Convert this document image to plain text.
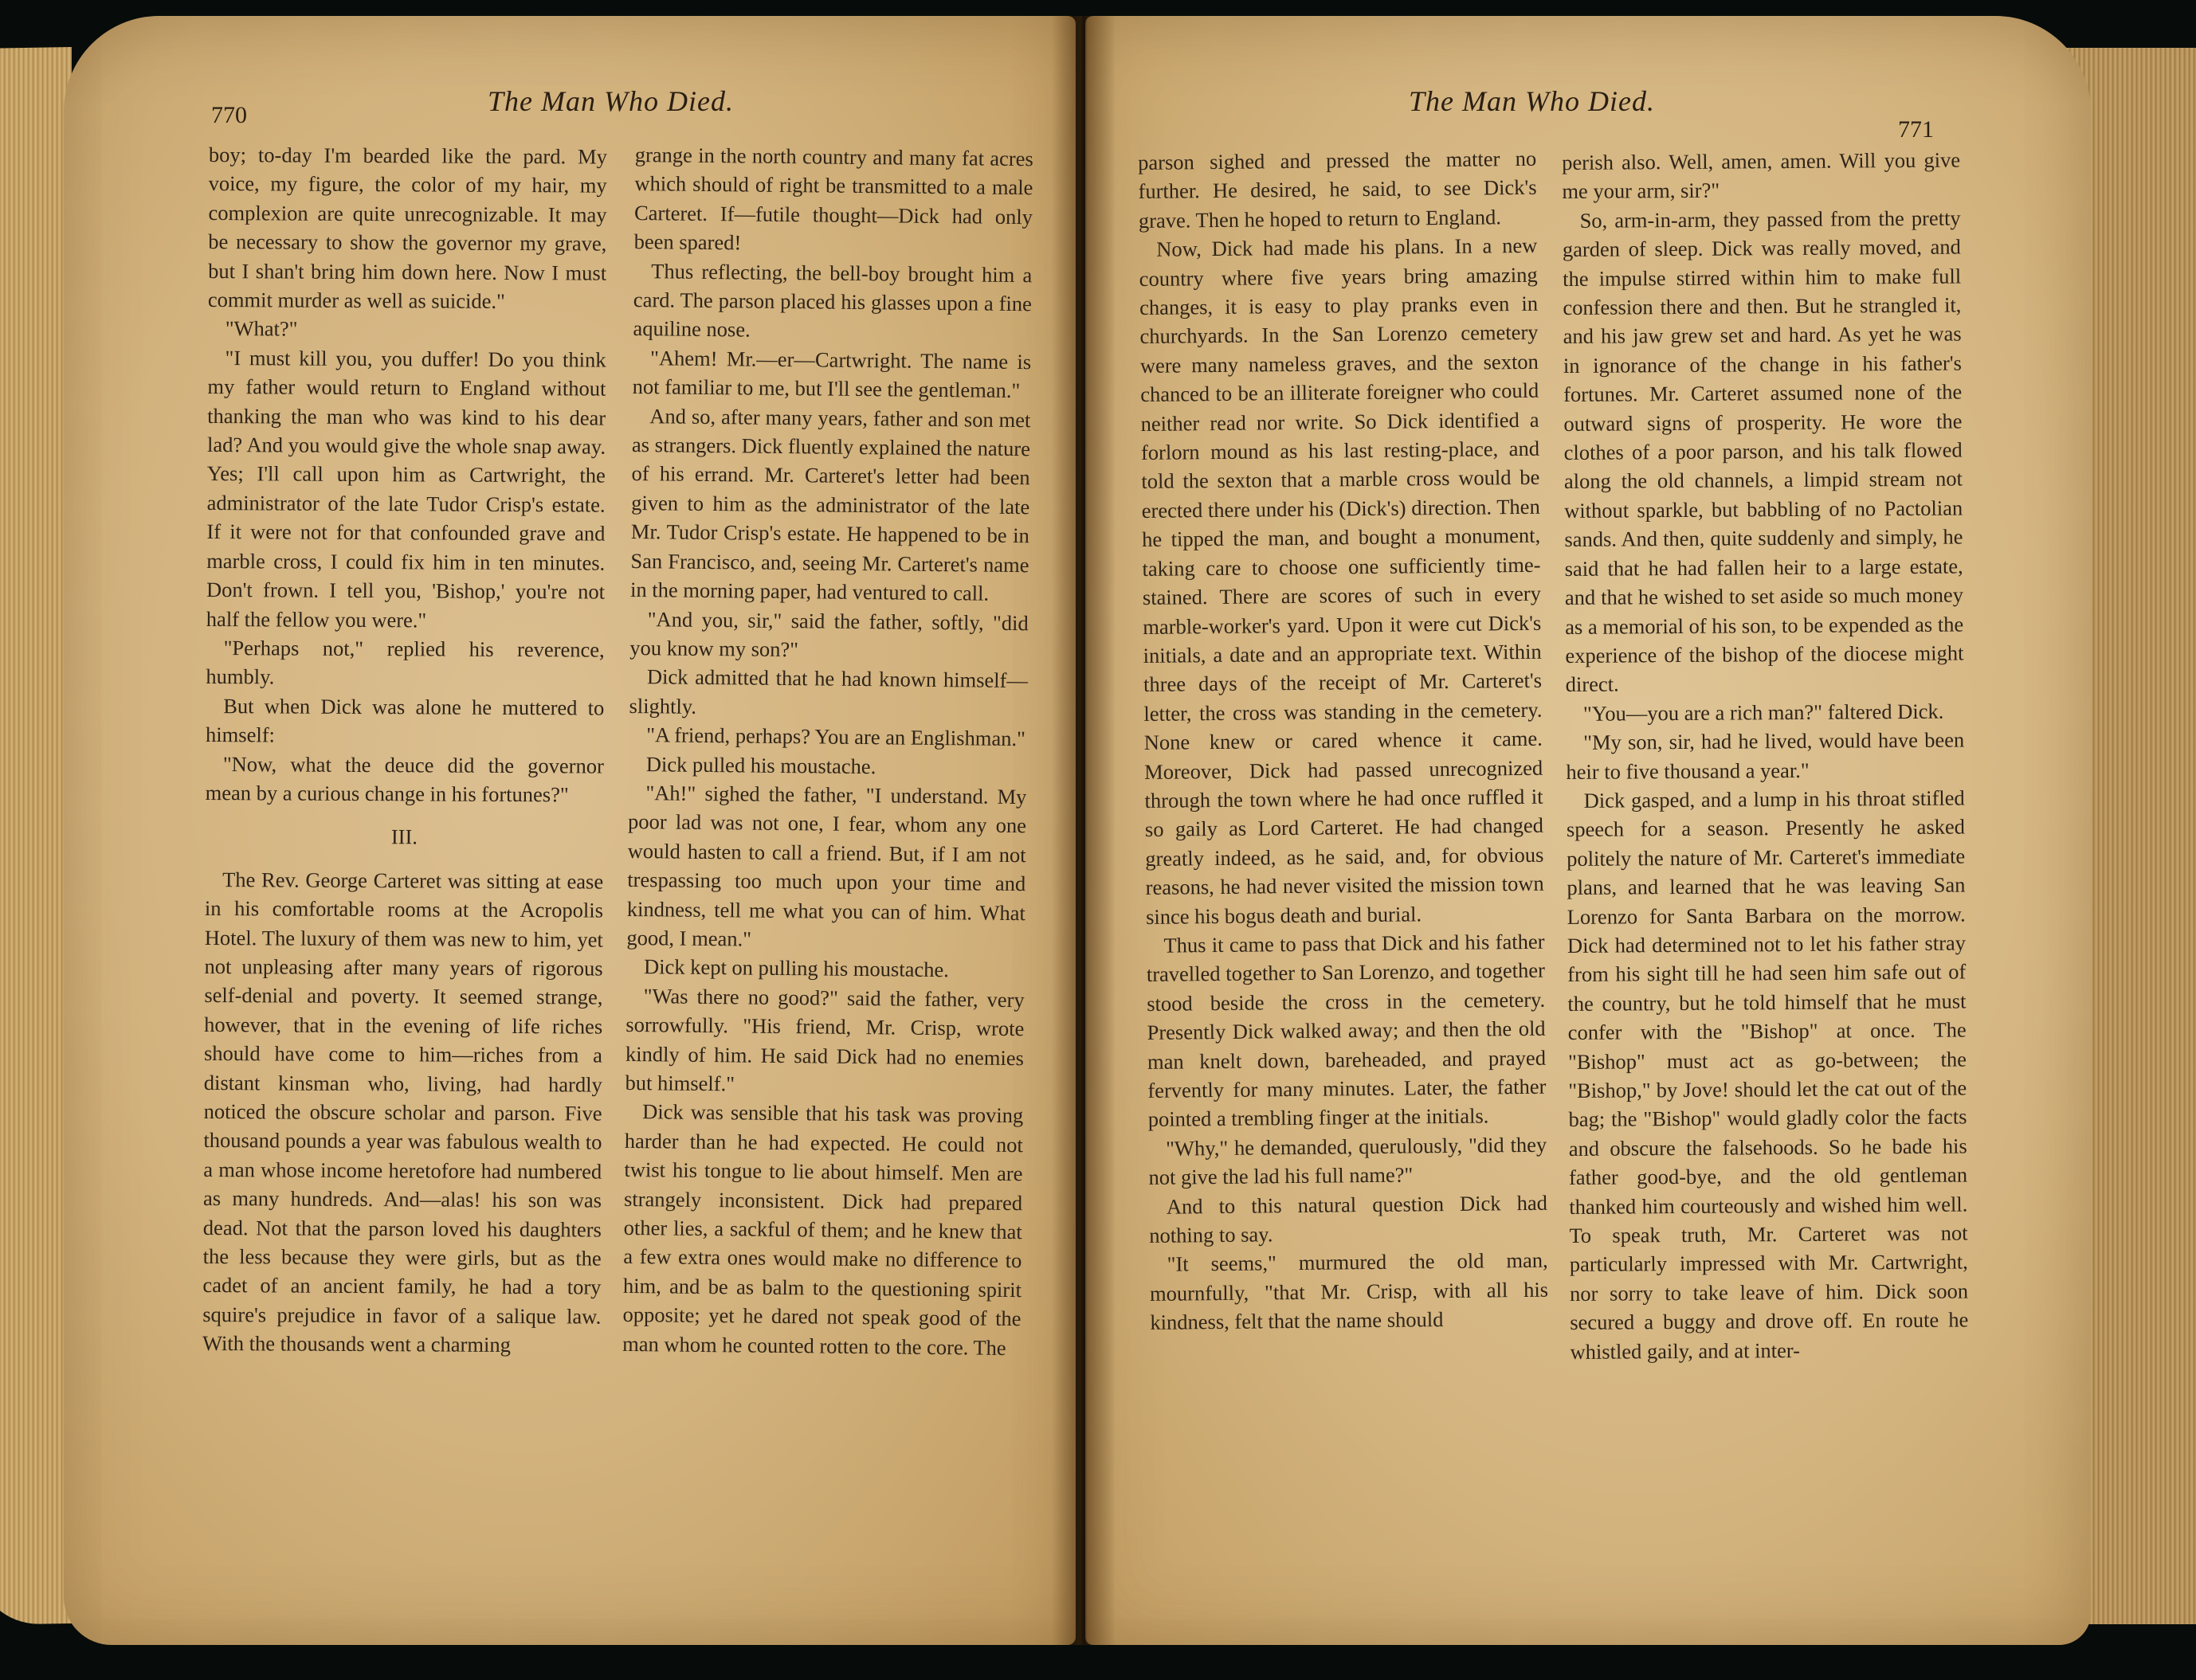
770	The Man Who Died.

boy; to-day I'm bearded like the pard. My voice, my figure, the color of my hair, my complexion are quite unrecognizable. It may be necessary to show the governor my grave, but I shan't bring him down here. Now I must commit murder as well as suicide."

"What?"

"I must kill you, you duffer! Do you think my father would return to England without thanking the man who was kind to his dear lad? And you would give the whole snap away. Yes; I'll call upon him as Cartwright, the administrator of the late Tudor Crisp's estate. If it were not for that confounded grave and marble cross, I could fix him in ten minutes. Don't frown. I tell you, 'Bishop,' you're not half the fellow you were."

"Perhaps not," replied his reverence, humbly.

But when Dick was alone he muttered to himself:

"Now, what the deuce did the governor mean by a curious change in his fortunes?"

III.

The Rev. George Carteret was sitting at ease in his comfortable rooms at the Acropolis Hotel. The luxury of them was new to him, yet not unpleasing after many years of rigorous self-denial and poverty. It seemed strange, however, that in the evening of life riches should have come to him—riches from a distant kinsman who, living, had hardly noticed the obscure scholar and parson. Five thousand pounds a year was fabulous wealth to a man whose income heretofore had numbered as many hundreds. And—alas! his son was dead. Not that the parson loved his daughters the less because they were girls, but as the cadet of an ancient family, he had a tory squire's prejudice in favor of a salique law. With the thousands went a charming

grange in the north country and many fat acres which should of right be transmitted to a male Carteret. If—futile thought—Dick had only been spared!

Thus reflecting, the bell-boy brought him a card. The parson placed his glasses upon a fine aquiline nose.

"Ahem! Mr.—er—Cartwright. The name is not familiar to me, but I'll see the gentleman."

And so, after many years, father and son met as strangers. Dick fluently explained the nature of his errand. Mr. Carteret's letter had been given to him as the administrator of the late Mr. Tudor Crisp's estate. He happened to be in San Francisco, and, seeing Mr. Carteret's name in the morning paper, had ventured to call.

"And you, sir," said the father, softly, "did you know my son?"

Dick admitted that he had known himself—slightly.

"A friend, perhaps? You are an Englishman."

Dick pulled his moustache.

"Ah!" sighed the father, "I understand. My poor lad was not one, I fear, whom any one would hasten to call a friend. But, if I am not trespassing too much upon your time and kindness, tell me what you can of him. What good, I mean."

Dick kept on pulling his moustache.

"Was there no good?" said the father, very sorrowfully. "His friend, Mr. Crisp, wrote kindly of him. He said Dick had no enemies but himself."

Dick was sensible that his task was proving harder than he had expected. He could not twist his tongue to lie about himself. Men are strangely inconsistent. Dick had prepared other lies, a sackful of them; and he knew that a few extra ones would make no difference to him, and be as balm to the questioning spirit opposite; yet he dared not speak good of the man whom he counted rotten to the core. The

The Man Who Died.
771

parson sighed and pressed the matter no further. He desired, he said, to see Dick's grave. Then he hoped to return to England.

Now, Dick had made his plans. In a new country where five years bring amazing changes, it is easy to play pranks even in churchyards. In the San Lorenzo cemetery were many nameless graves, and the sexton chanced to be an illiterate foreigner who could neither read nor write. So Dick identified a forlorn mound as his last resting-place, and told the sexton that a marble cross would be erected there under his (Dick's) direction. Then he tipped the man, and bought a monument, taking care to choose one sufficiently time-stained. There are scores of such in every marble-worker's yard. Upon it were cut Dick's initials, a date and an appropriate text. Within three days of the receipt of Mr. Carteret's letter, the cross was standing in the cemetery. None knew or cared whence it came. Moreover, Dick had passed unrecognized through the town where he had once ruffled it so gaily as Lord Carteret. He had changed greatly indeed, as he said, and, for obvious reasons, he had never visited the mission town since his bogus death and burial.

Thus it came to pass that Dick and his father travelled together to San Lorenzo, and together stood beside the cross in the cemetery. Presently Dick walked away; and then the old man knelt down, bareheaded, and prayed fervently for many minutes. Later, the father pointed a trembling finger at the initials.

"Why," he demanded, querulously, "did they not give the lad his full name?"

And to this natural question Dick had nothing to say.

"It seems," murmured the old man, mournfully, "that Mr. Crisp, with all his kindness, felt that the name should

perish also. Well, amen, amen. Will you give me your arm, sir?"

So, arm-in-arm, they passed from the pretty garden of sleep. Dick was really moved, and the impulse stirred within him to make full confession there and then. But he strangled it, and his jaw grew set and hard. As yet he was in ignorance of the change in his father's fortunes. Mr. Carteret assumed none of the outward signs of prosperity. He wore the clothes of a poor parson, and his talk flowed along the old channels, a limpid stream not without sparkle, but babbling of no Pactolian sands. And then, quite suddenly and simply, he said that he had fallen heir to a large estate, and that he wished to set aside so much money as a memorial of his son, to be expended as the experience of the bishop of the diocese might direct.

"You—you are a rich man?" faltered Dick.

"My son, sir, had he lived, would have been heir to five thousand a year."

Dick gasped, and a lump in his throat stifled speech for a season. Presently he asked politely the nature of Mr. Carteret's immediate plans, and learned that he was leaving San Lorenzo for Santa Barbara on the morrow. Dick had determined not to let his father stray from his sight till he had seen him safe out of the country, but he told himself that he must confer with the "Bishop" at once. The "Bishop" must act as go-between; the "Bishop," by Jove! should let the cat out of the bag; the "Bishop" would gladly color the facts and obscure the falsehoods. So he bade his father good-bye, and the old gentleman thanked him courteously and wished him well. To speak truth, Mr. Carteret was not particularly impressed with Mr. Cartwright, nor sorry to take leave of him. Dick soon secured a buggy and drove off. En route he whistled gaily, and at inter-
